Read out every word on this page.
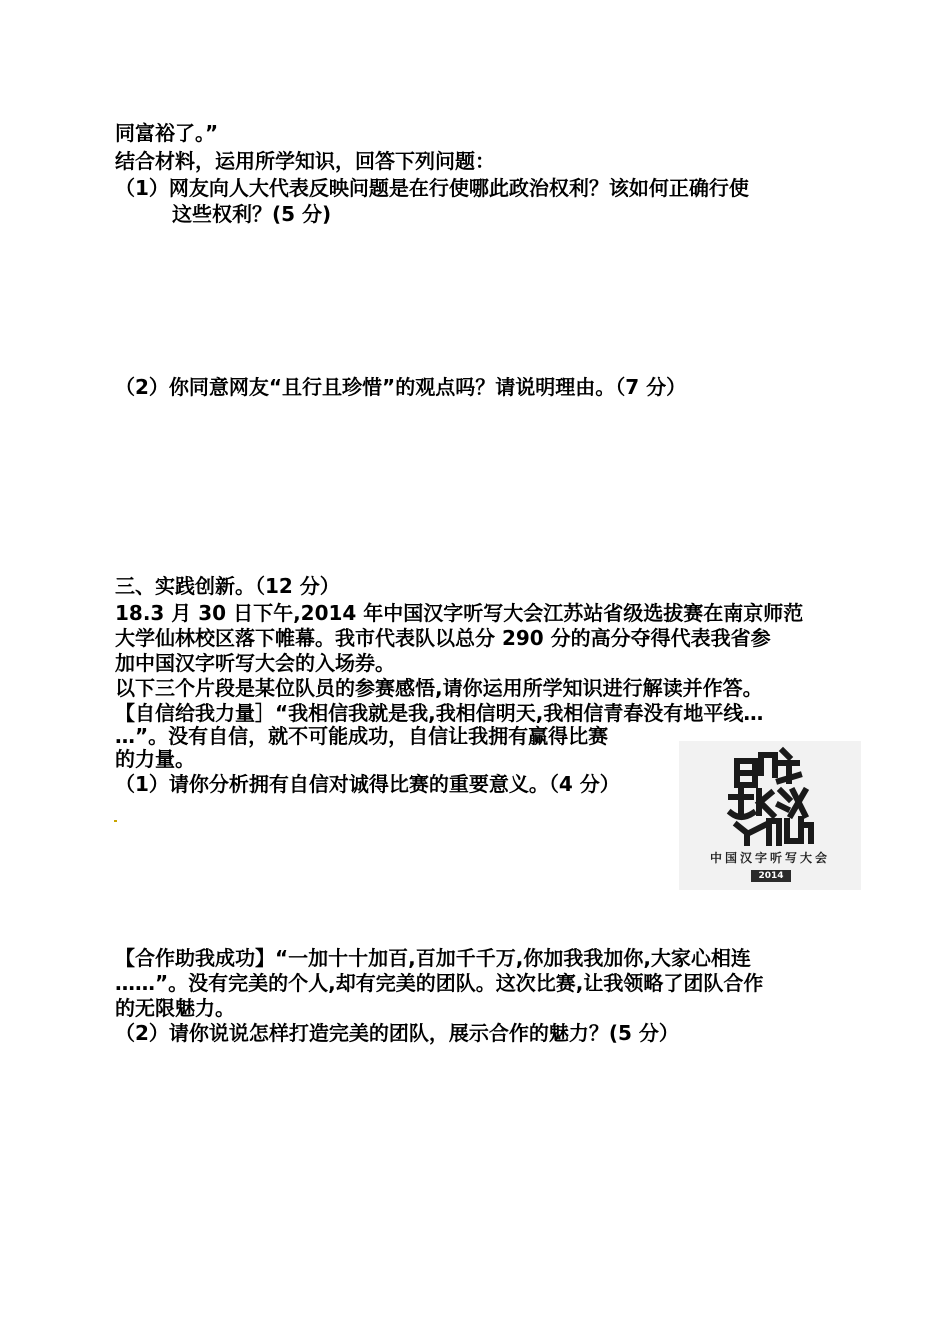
同富裕了。”
结合材料，运用所学知识，回答下列问题：
（1）网友向人大代表反映问题是在行使哪此政治权利？该如何正确行使
这些权利？(5 分)
（2）你同意网友“且行且珍惜”的观点吗？请说明理由。（7 分）
三、实践创新。（12 分）
18.3 月 30 日下午,2014 年中国汉字听写大会江苏站省级选拔赛在南京师范
大学仙林校区落下帷幕。我市代表队以总分 290 分的高分夺得代表我省参
加中国汉字听写大会的入场券。
以下三个片段是某位队员的参赛感悟,请你运用所学知识进行解读并作答。
【自信给我力量］“我相信我就是我,我相信明天,我相信青春没有地平线…
…”。没有自信，就不可能成功，自信让我拥有赢得比赛
的力量。
（1）请你分析拥有自信对诚得比赛的重要意义。（4 分）
中国汉字听写大会
2014
【合作助我成功】“一加十十加百,百加千千万,你加我我加你,大家心相连
……”。没有完美的个人,却有完美的团队。这次比赛,让我领略了团队合作
的无限魅力。
（2）请你说说怎样打造完美的团队，展示合作的魅力？(5 分）
